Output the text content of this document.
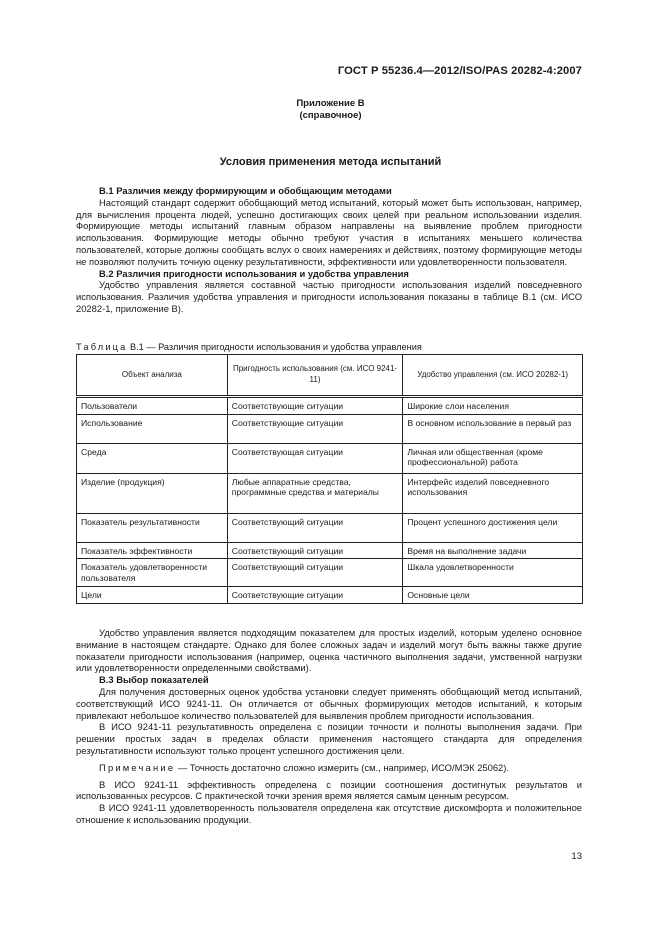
ГОСТ Р 55236.4—2012/ISO/PAS 20282-4:2007
Приложение В
(справочное)
Условия применения метода испытаний
В.1 Различия между формирующим и обобщающим методами

Настоящий стандарт содержит обобщающий метод испытаний, который может быть использован, например, для вычисления процента людей, успешно достигающих своих целей при реальном использовании изделия. Формирующие методы испытаний главным образом направлены на выявление проблем пригодности использования. Формирующие методы обычно требуют участия в испытаниях меньшего количества пользователей, которые должны сообщать вслух о своих намерениях и действиях, поэтому формирующие методы не позволяют получить точную оценку результативности, эффективности или удовлетворенности пользователя.

В.2 Различия пригодности использования и удобства управления

Удобство управления является составной частью пригодности использования изделий повседневного использования. Различия удобства управления и пригодности использования показаны в таблице В.1 (см. ИСО 20282-1, приложение В).

Таблица В.1 — Различия пригодности использования и удобства управления
Объект анализа	Пригодность использования (см. ИСО 9241-11)	Удобство управления (см. ИСО 20282-1)
Пользователи	Соответствующие ситуации	Широкие слои населения
Использование	Соответствующие ситуации	В основном использование в первый раз
Среда	Соответствующая ситуации	Личная или общественная (кроме профессиональной) работа
Изделие (продукция)	Любые аппаратные средства, программные средства и материалы	Интерфейс изделий повседневного использования
Показатель результативности	Соответствующий ситуации	Процент успешного достижения цели
Показатель эффективности	Соответствующий ситуации	Время на выполнение задачи
Показатель удовлетворенности пользователя	Соответствующий ситуации	Шкала удовлетворенности
Цели	Соответствующие ситуации	Основные цели

Удобство управления является подходящим показателем для простых изделий, которым уделено основное внимание в настоящем стандарте. Однако для более сложных задач и изделий могут быть важны также другие показатели пригодности использования (например, оценка частичного выполнения задачи, умственной нагрузки или удовлетворенности определенными свойствами).

В.3 Выбор показателей

Для получения достоверных оценок удобства установки следует применять обобщающий метод испытаний, соответствующий ИСО 9241-11. Он отличается от обычных формирующих методов испытаний, к которым привлекают небольшое количество пользователей для выявления проблем пригодности использования.

В ИСО 9241-11 результативность определена с позиции точности и полноты выполнения задачи. При решении простых задач в пределах области применения настоящего стандарта для определения результативности используют только процент успешного достижения цели.

Примечание — Точность достаточно сложно измерить (см., например, ИСО/МЭК 25062).

В ИСО 9241-11 эффективность определена с позиции соотношения достигнутых результатов и использованных ресурсов. С практической точки зрения время является самым ценным ресурсом.

В ИСО 9241-11 удовлетворенность пользователя определена как отсутствие дискомфорта и положительное отношение к использованию продукции.

13
